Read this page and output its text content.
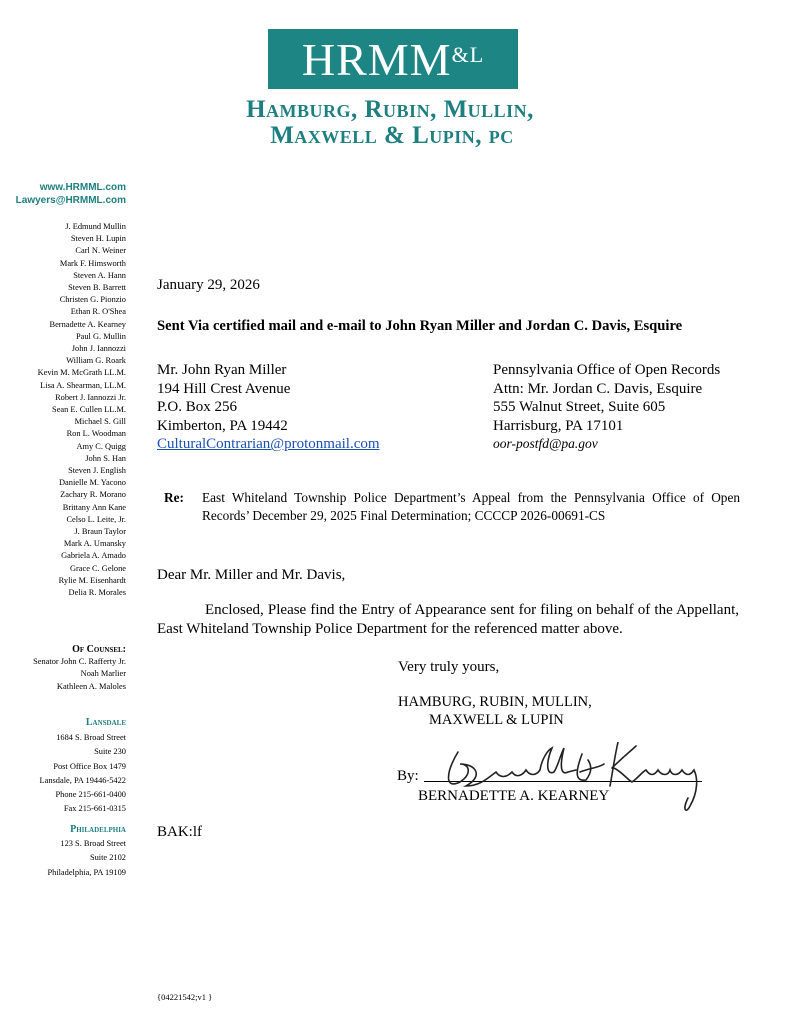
$HRMM^{\&L}$
Hamburg, Rubin, Mullin,
Maxwell & Lupin, pc
www.HRMML.com
Lawyers@HRMML.com
J. Edmund Mullin
Steven H. Lupin
Carl N. Weiner
Mark F. Himsworth
Steven A. Hann
Steven B. Barrett
Christen G. Pionzio
Ethan R. O'Shea
Bernadette A. Kearney
Paul G. Mullin
John J. Iannozzi
William G. Roark
Kevin M. McGrath LL.M.
Lisa A. Shearman, LL.M.
Robert J. Iannozzi Jr.
Sean E. Cullen LL.M.
Michael S. Gill
Ron L. Woodman
Amy C. Quigg
John S. Han
Steven J. English
Danielle M. Yacono
Zachary R. Morano
Brittany Ann Kane
Celso L. Leite, Jr.
J. Braun Taylor
Mark A. Umansky
Gabriela A. Amado
Grace C. Gelone
Rylie M. Eisenhardt
Delia R. Morales
Of Counsel:
Senator John C. Rafferty Jr.
Noah Marlier
Kathleen A. Maloles
Lansdale
1684 S. Broad Street
Suite 230
Post Office Box 1479
Lansdale, PA 19446-5422
Phone 215-661-0400
Fax 215-661-0315
Philadelphia
123 S. Broad Street
Suite 2102
Philadelphia, PA 19109
January 29, 2026
Sent Via certified mail and e-mail to John Ryan Miller and Jordan C. Davis, Esquire
Mr. John Ryan Miller
194 Hill Crest Avenue
P.O. Box 256
Kimberton, PA 19442
CulturalContrarian@protonmail.com
Pennsylvania Office of Open Records
Attn: Mr. Jordan C. Davis, Esquire
555 Walnut Street, Suite 605
Harrisburg, PA 17101
oor-postfd@pa.gov
Re: East Whiteland Township Police Department’s Appeal from the Pennsylvania Office of Open Records’ December 29, 2025 Final Determination; CCCCP 2026-00691-CS
Dear Mr. Miller and Mr. Davis,
Enclosed, Please find the Entry of Appearance sent for filing on behalf of the Appellant, East Whiteland Township Police Department for the referenced matter above.
Very truly yours,
HAMBURG, RUBIN, MULLIN,
MAXWELL & LUPIN
By:
BERNADETTE A. KEARNEY
BAK:lf
{04221542;v1 }
